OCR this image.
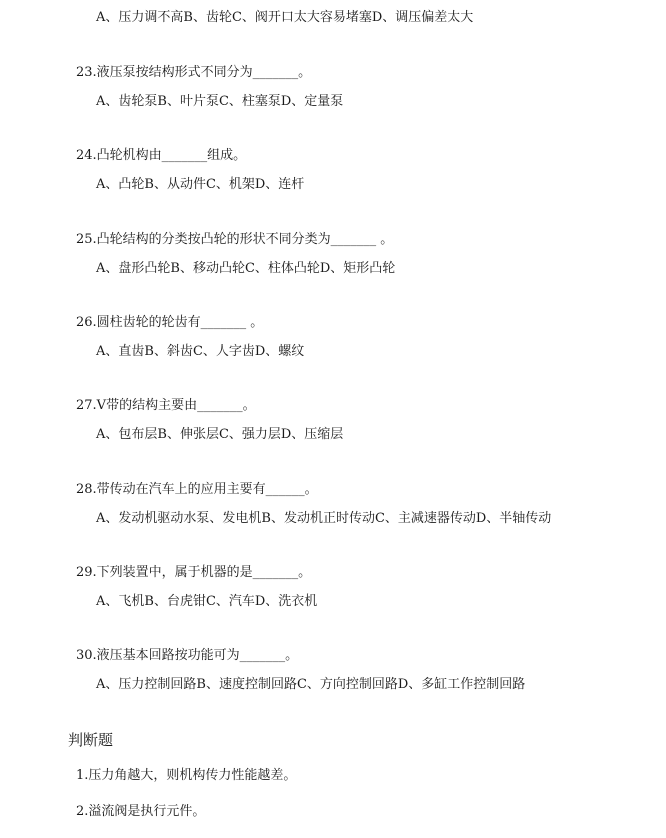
A、压力调不高B、齿轮C、阀开口太大容易堵塞D、调压偏差太大
23.液压泵按结构形式不同分为_______。
A、齿轮泵B、叶片泵C、柱塞泵D、定量泵
24.凸轮机构由_______组成。
A、凸轮B、从动件C、机架D、连杆
25.凸轮结构的分类按凸轮的形状不同分类为_______ 。
A、盘形凸轮B、移动凸轮C、柱体凸轮D、矩形凸轮
26.圆柱齿轮的轮齿有_______ 。
A、直齿B、斜齿C、人字齿D、螺纹
27.V带的结构主要由_______。
A、包布层B、伸张层C、强力层D、压缩层
28.带传动在汽车上的应用主要有______。
A、发动机驱动水泵、发电机B、发动机正时传动C、主减速器传动D、半轴传动
29.下列装置中，属于机器的是_______。
A、飞机B、台虎钳C、汽车D、洗衣机
30.液压基本回路按功能可为_______。
A、压力控制回路B、速度控制回路C、方向控制回路D、多缸工作控制回路
判断题
1.压力角越大，则机构传力性能越差。
2.溢流阀是执行元件。
